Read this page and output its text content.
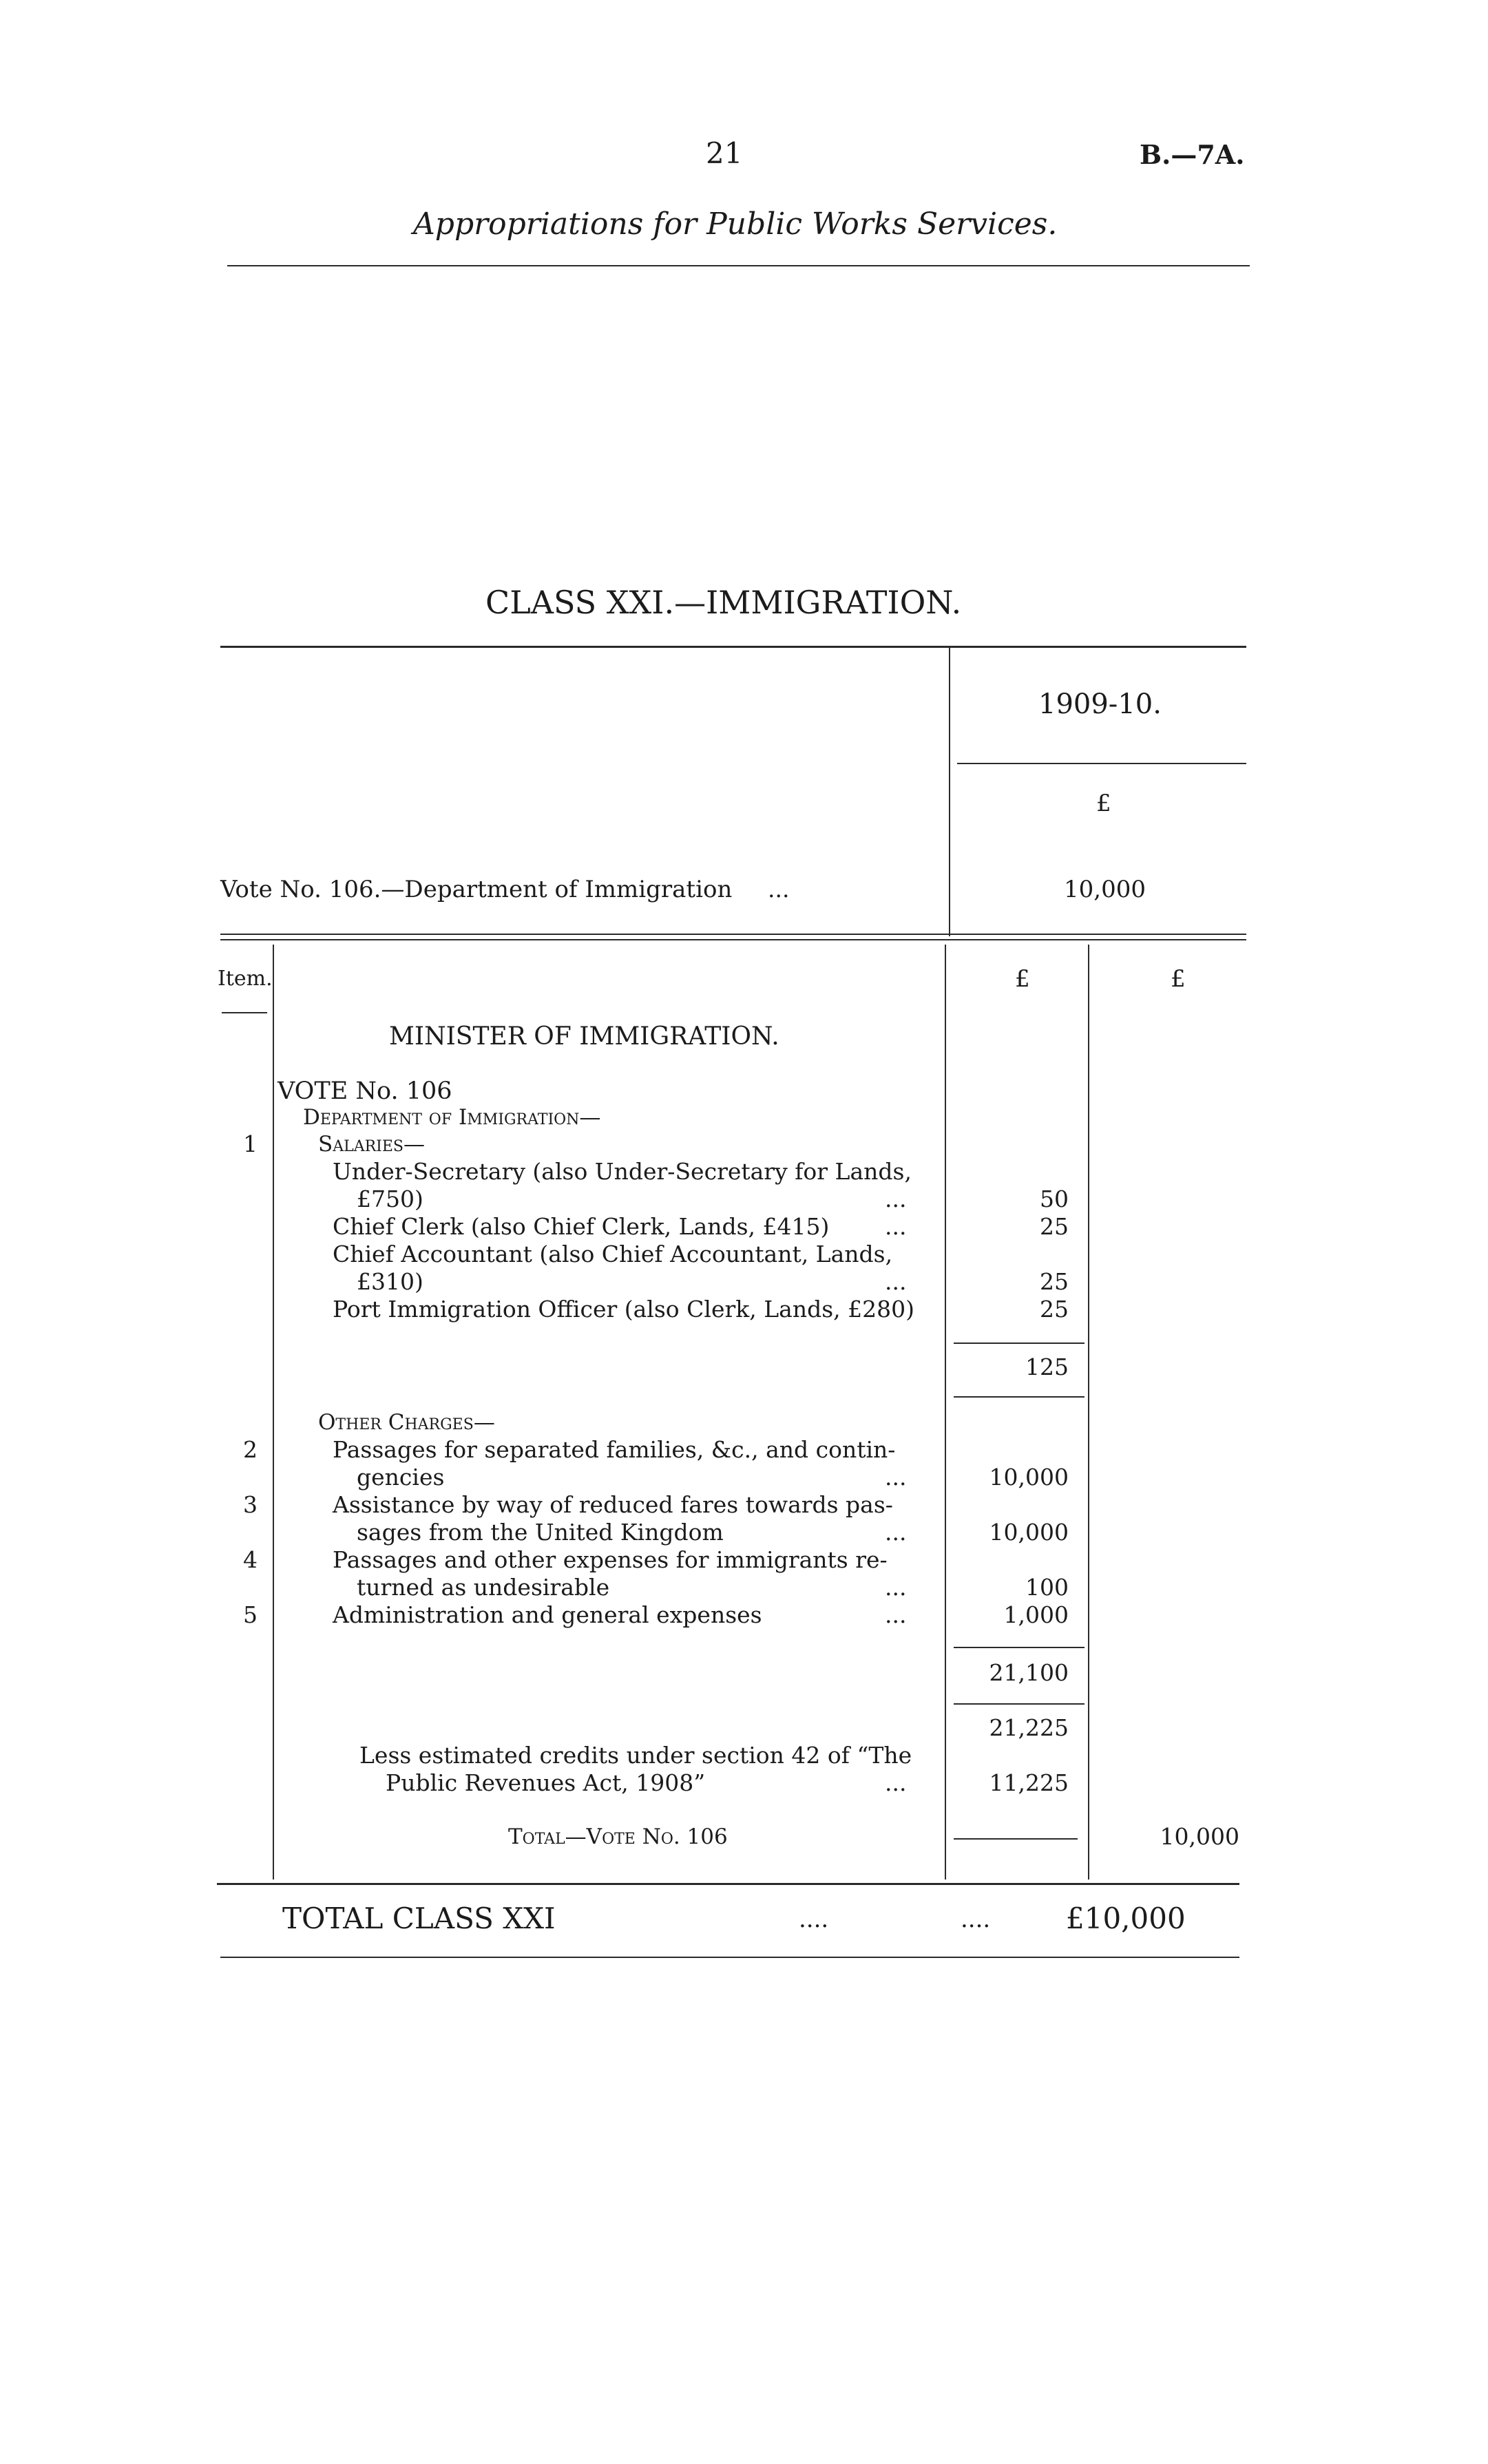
21	B.—7A.
Appropriations for Public Works Services.
CLASS XXI.—IMMIGRATION.
1909-10.
£
Vote No. 106.—Department of Immigration ...	10,000
Item.	£	£
MINISTER OF IMMIGRATION.
VOTE No. 106
Department of Immigration—
1	Salaries—
Under-Secretary (also Under-Secretary for Lands,
£750)	...	50
Chief Clerk (also Chief Clerk, Lands, £415) ...	25
Chief Accountant (also Chief Accountant, Lands,
£310)	...	25
Port Immigration Officer (also Clerk, Lands, £280)	25
125
Other Charges—
2	Passages for separated families, &c., and contin-
gencies	...	10,000
3	Assistance by way of reduced fares towards pas-
sages from the United Kingdom	...	10,000
4	Passages and other expenses for immigrants re-
turned as undesirable	...	100
5	Administration and general expenses	...	1,000
21,100
21,225
Less estimated credits under section 42 of “The
Public Revenues Act, 1908”	...	11,225
Total—Vote No. 106	10,000
TOTAL CLASS XXI	....	....	£10,000
